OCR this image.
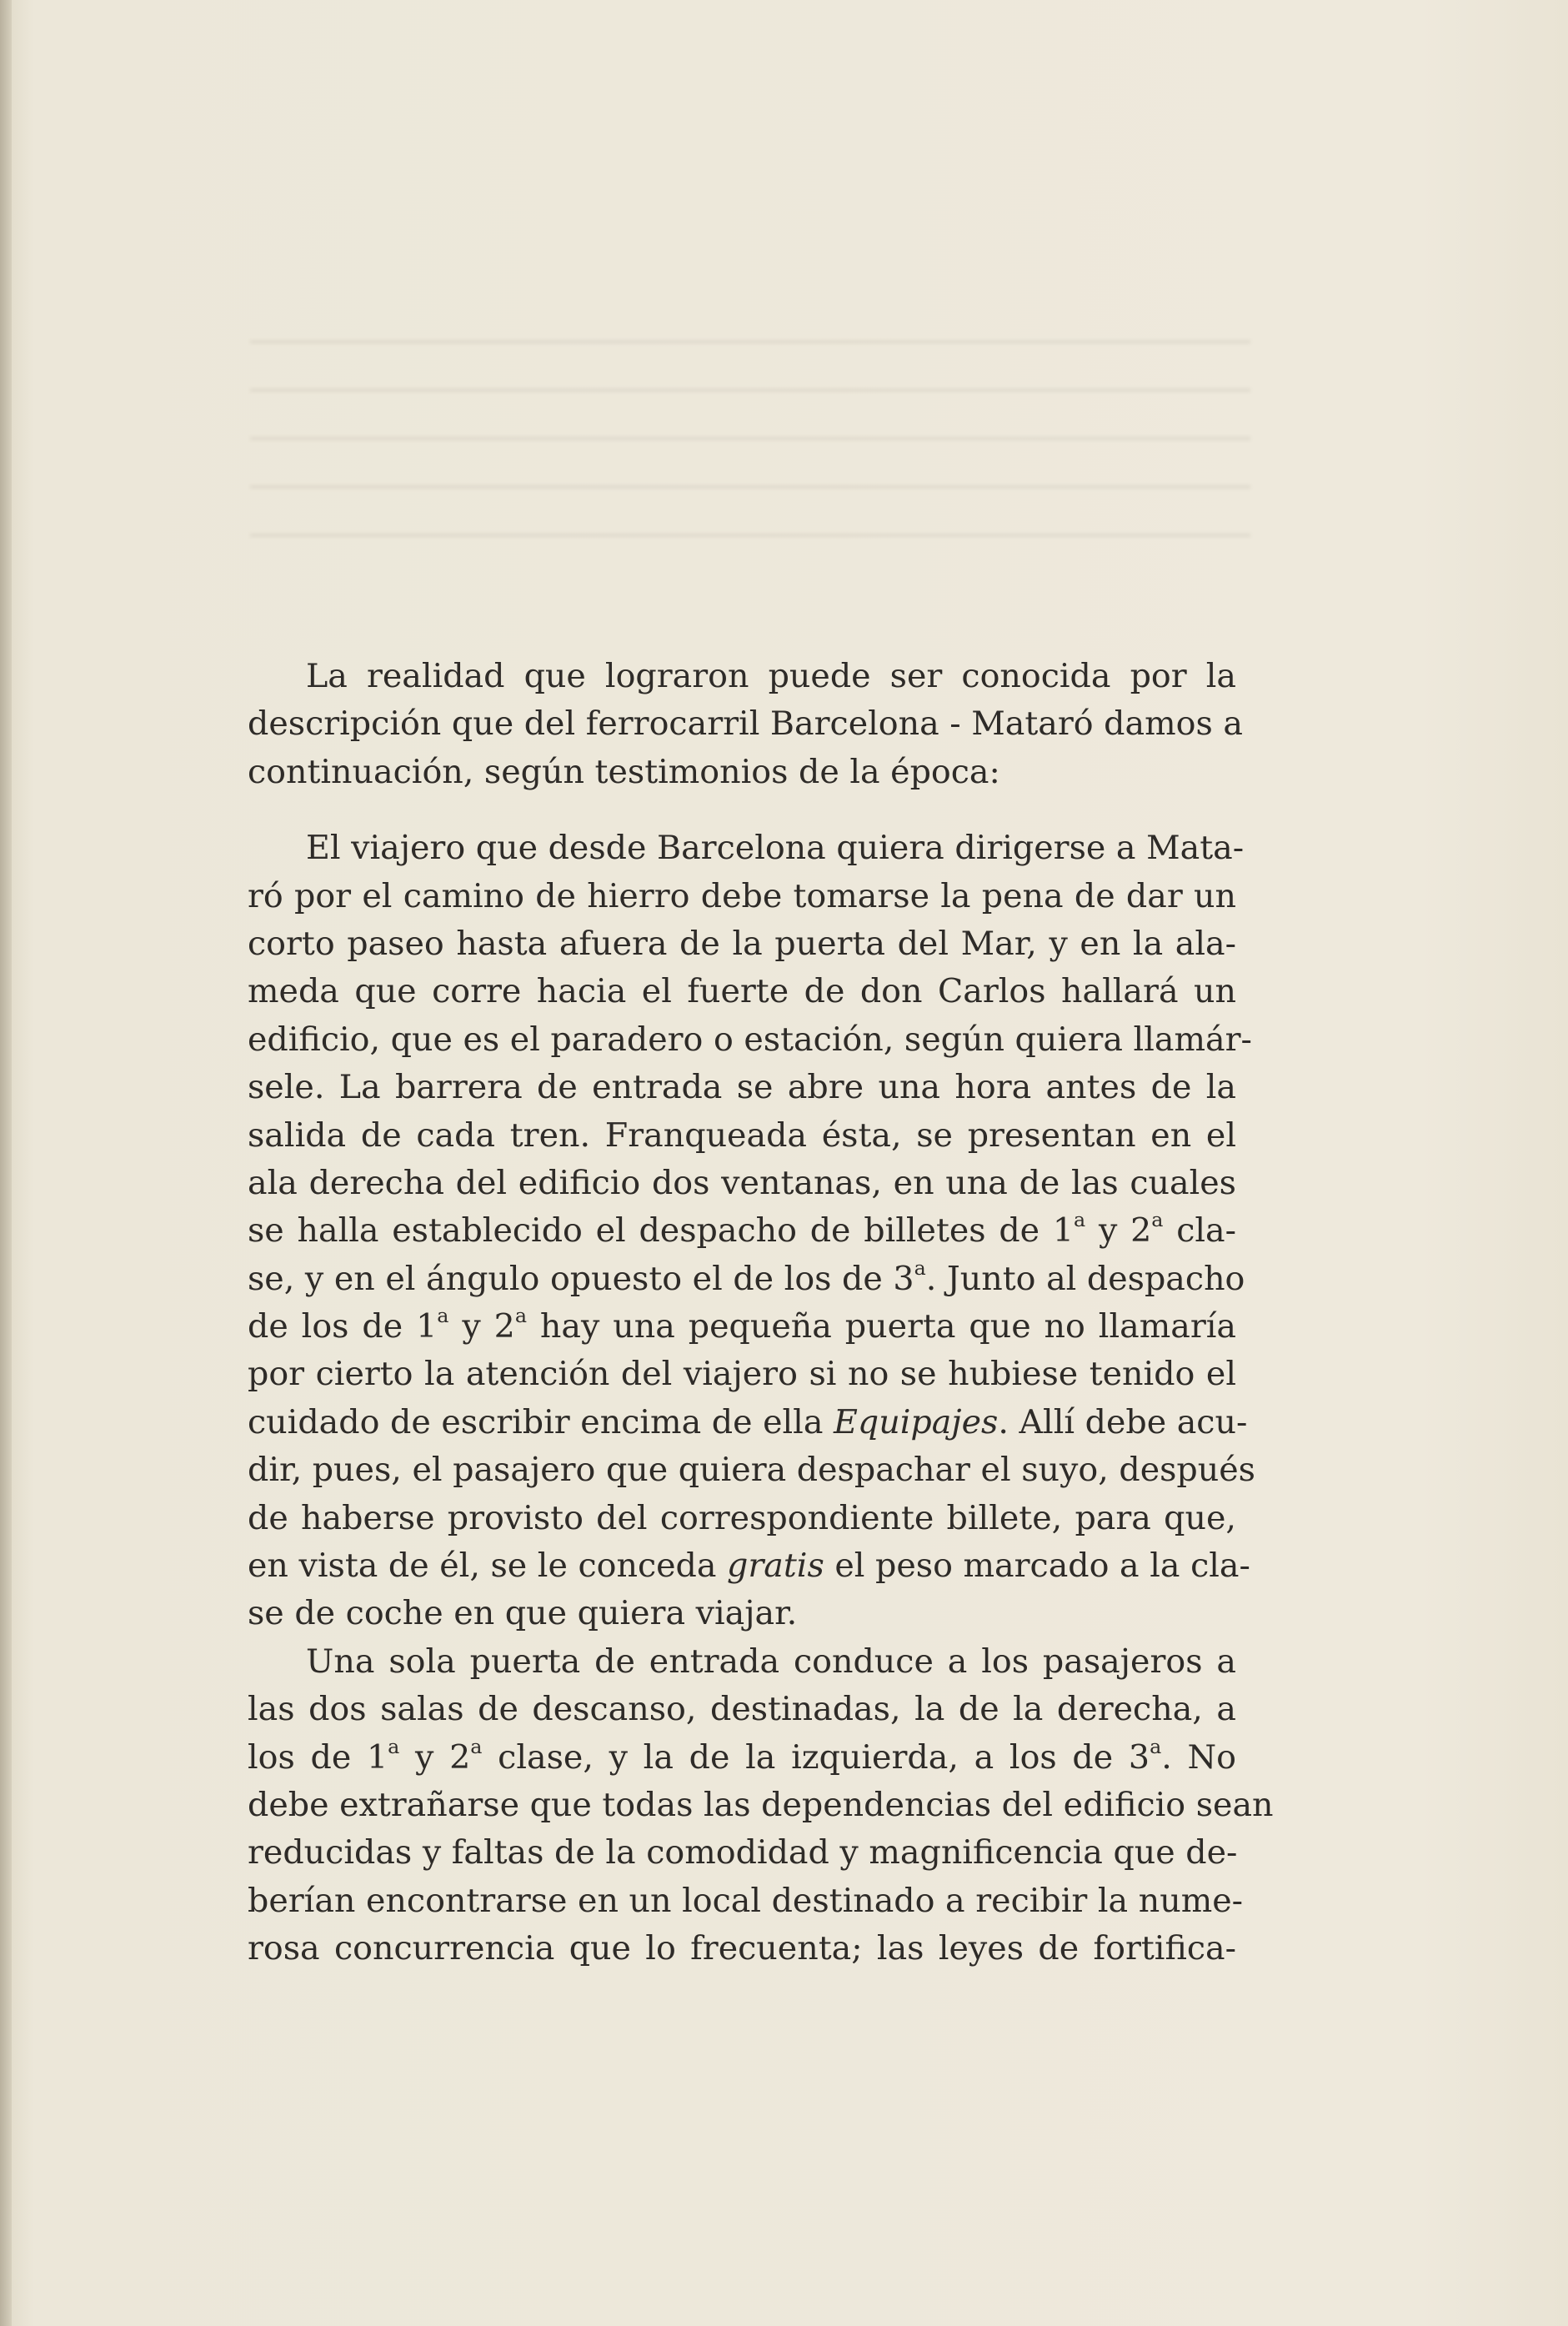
La realidad que lograron puede ser conocida por la
descripción que del ferrocarril Barcelona - Mataró damos a
continuación, según testimonios de la época:
El viajero que desde Barcelona quiera dirigerse a Mata-
ró por el camino de hierro debe tomarse la pena de dar un
corto paseo hasta afuera de la puerta del Mar, y en la ala-
meda que corre hacia el fuerte de don Carlos hallará un
edificio, que es el paradero o estación, según quiera llamár-
sele. La barrera de entrada se abre una hora antes de la
salida de cada tren. Franqueada ésta, se presentan en el
ala derecha del edificio dos ventanas, en una de las cuales
se halla establecido el despacho de billetes de 1$^a$ y 2$^a$ cla-
se, y en el ángulo opuesto el de los de 3$^a$. Junto al despacho
de los de 1$^a$ y 2$^a$ hay una pequeña puerta que no llamaría
por cierto la atención del viajero si no se hubiese tenido el
cuidado de escribir encima de ella Equipajes. Allí debe acu-
dir, pues, el pasajero que quiera despachar el suyo, después
de haberse provisto del correspondiente billete, para que,
en vista de él, se le conceda gratis el peso marcado a la cla-
se de coche en que quiera viajar.
Una sola puerta de entrada conduce a los pasajeros a
las dos salas de descanso, destinadas, la de la derecha, a
los de 1$^a$ y 2$^a$ clase, y la de la izquierda, a los de 3$^a$. No
debe extrañarse que todas las dependencias del edificio sean
reducidas y faltas de la comodidad y magnificencia que de-
berían encontrarse en un local destinado a recibir la nume-
rosa concurrencia que lo frecuenta; las leyes de fortifica-
